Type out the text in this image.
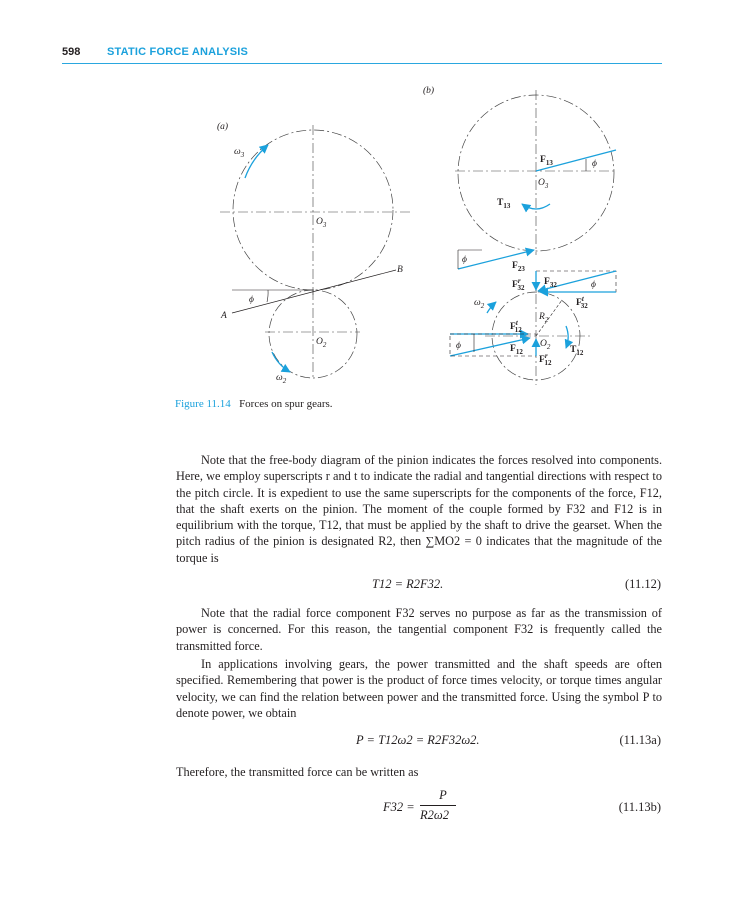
598 STATIC FORCE ANALYSIS
(a)
$\omega_3$
$O_3$
$O_2$
$\omega_2$
A
B
ϕ
(b)
ϕ
$F_{13}$
$O_3$
$T_{13}$
ϕ
$F_{23}$
ϕ
$F_{32}$
$F^r$ 32
$F^t$ 32
$\omega_2$
$R_2$
ϕ
$F^t$ 12
$F_{12}$
$O_2$
$F^r$ 12
$T_{12}$
Figure 11.14 Forces on spur gears.
Note that the free-body diagram of the pinion indicates the forces resolved into components. Here, we employ superscripts r and t to indicate the radial and tangential directions with respect to the pitch circle. It is expedient to use the same superscripts for the components of the force, F12, that the shaft exerts on the pinion. The moment of the couple formed by F32 and F12 is in equilibrium with the torque, T12, that must be applied by the shaft to drive the gearset. When the pitch radius of the pinion is designated R2, then ∑MO2 = 0 indicates that the magnitude of the torque is
T12 = R2F32.	(11.12)
Note that the radial force component F32 serves no purpose as far as the transmission of power is concerned. For this reason, the tangential component F32 is frequently called the transmitted force.
In applications involving gears, the power transmitted and the shaft speeds are often specified. Remembering that power is the product of force times velocity, or torque times angular velocity, we can find the relation between power and the transmitted force. Using the symbol P to denote power, we obtain
P = T12ω2 = R2F32ω2.	(11.13a)
Therefore, the transmitted force can be written as
F32 =
P
R2ω2
(11.13b)
